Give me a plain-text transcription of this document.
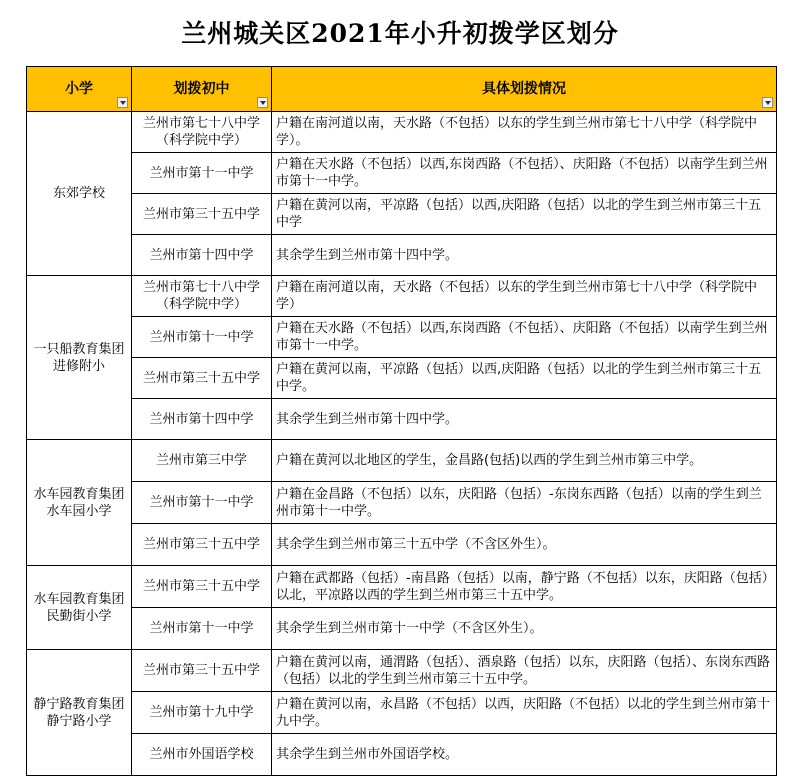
兰州城关区2021年小升初拨学区划分
小学	划拨初中	具体划拨情况

东郊学校	兰州市第七十八中学（科学院中学）	户籍在南河道以南，天水路（不包括）以东的学生到兰州市第七十八中学（科学院中学）。
	兰州市第十一中学	户籍在天水路（不包括）以西,东岗西路（不包括）、庆阳路（不包括）以南学生到兰州市第十一中学。
	兰州市第三十五中学	户籍在黄河以南，平凉路（包括）以西,庆阳路（包括）以北的学生到兰州市第三十五中学
	兰州市第十四中学	其余学生到兰州市第十四中学。
一只船教育集团进修附小	兰州市第七十八中学（科学院中学）	户籍在南河道以南，天水路（不包括）以东的学生到兰州市第七十八中学（科学院中学）
	兰州市第十一中学	户籍在天水路（不包括）以西,东岗西路（不包括）、庆阳路（不包括）以南学生到兰州市第十一中学。
	兰州市第三十五中学	户籍在黄河以南，平凉路（包括）以西,庆阳路（包括）以北的学生到兰州市第三十五中学。
	兰州市第十四中学	其余学生到兰州市第十四中学。
水车园教育集团水车园小学	兰州市第三中学	户籍在黄河以北地区的学生，金昌路(包括)以西的学生到兰州市第三中学。
	兰州市第十一中学	户籍在金昌路（不包括）以东，庆阳路（包括）-东岗东西路（包括）以南的学生到兰州市第十一中学。
	兰州市第三十五中学	其余学生到兰州市第三十五中学（不含区外生）。
水车园教育集团民勤街小学	兰州市第三十五中学	户籍在武都路（包括）-南昌路（包括）以南，静宁路（不包括）以东，庆阳路（包括）以北，平凉路以西的学生到兰州市第三十五中学。
	兰州市第十一中学	其余学生到兰州市第十一中学（不含区外生）。
静宁路教育集团静宁路小学	兰州市第三十五中学	户籍在黄河以南，通渭路（包括）、酒泉路（包括）以东，庆阳路（包括）、东岗东西路（包括）以北的学生到兰州市第三十五中学。
	兰州市第十九中学	户籍在黄河以南，永昌路（不包括）以西，庆阳路（不包括）以北的学生到兰州市第十九中学。
	兰州市外国语学校	其余学生到兰州市外国语学校。
